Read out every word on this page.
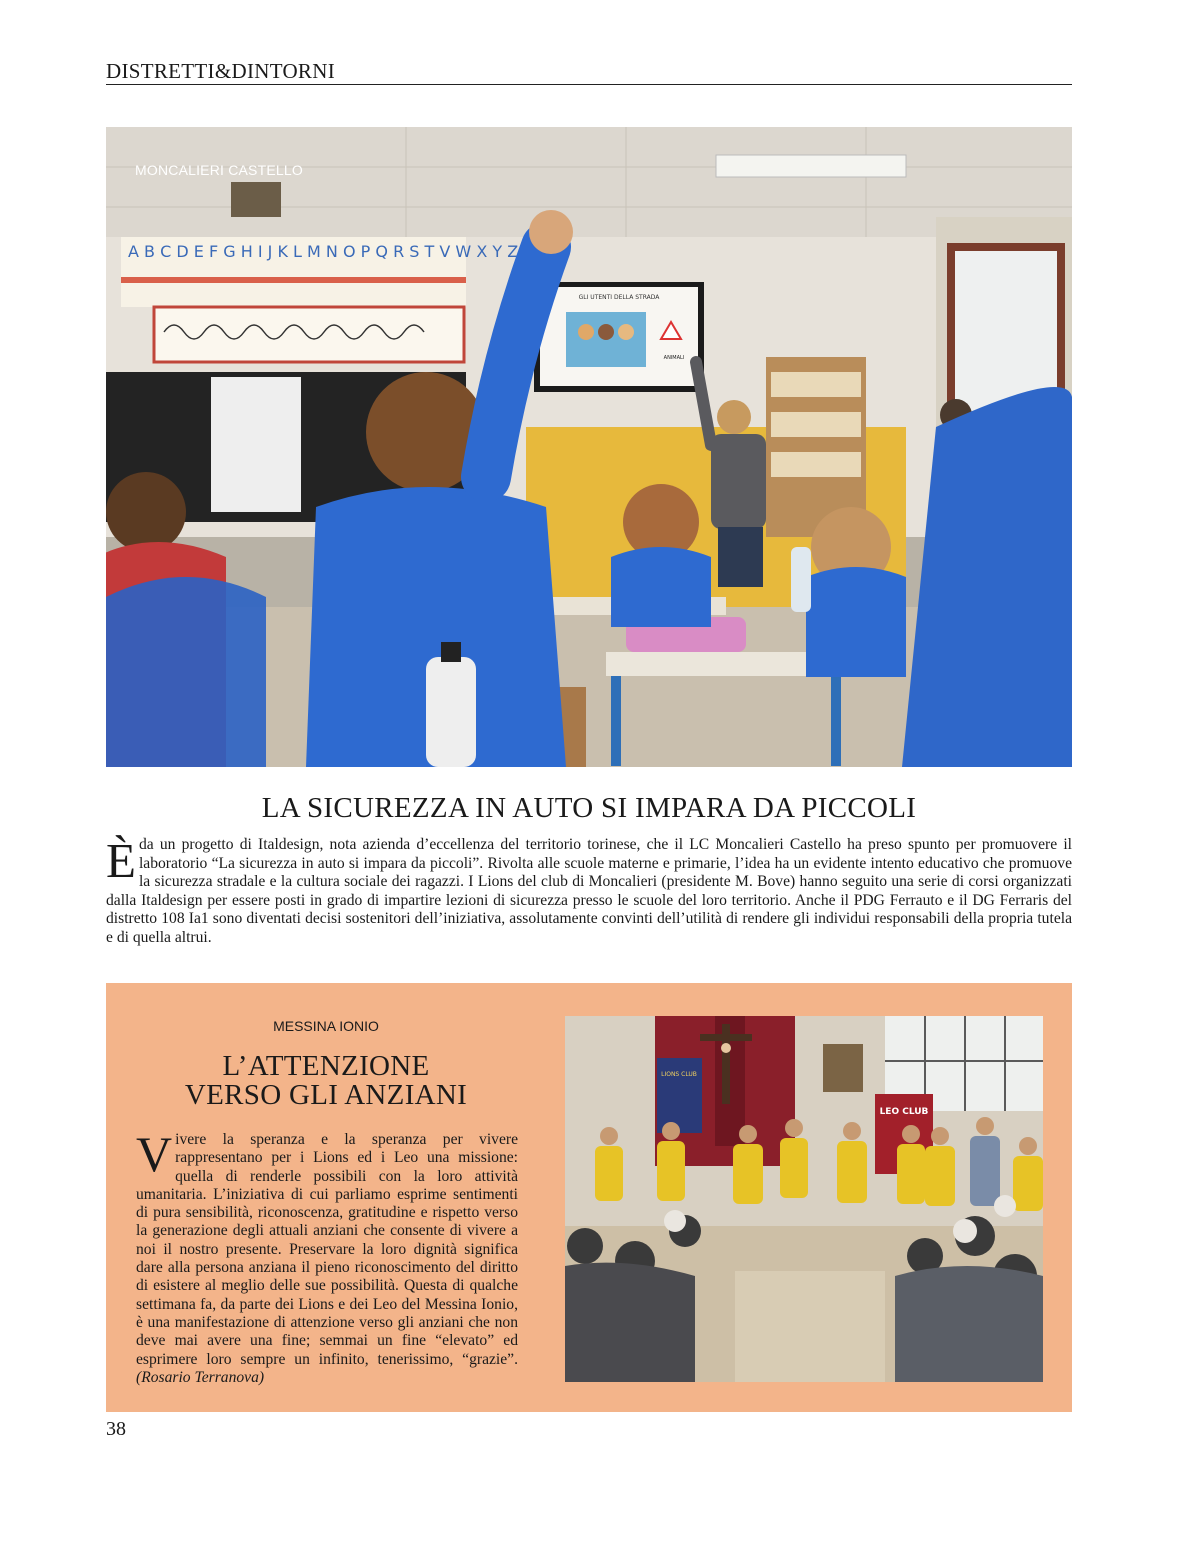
DISTRETTI&DINTORNI
A B C D E F G H I J K L M N O P Q R S T V W X Y Z
GLI UTENTI DELLA STRADA
ANIMALI
MONCALIERI CASTELLO
LA SICUREZZA IN AUTO SI IMPARA DA PICCOLI
Èda un progetto di Italdesign, nota azienda d’eccellenza del territorio torinese, che il LC Moncalieri Castello ha preso spunto per promuovere il laboratorio “La sicurezza in auto si impara da piccoli”. Rivolta alle scuole materne e primarie, l’idea ha un evidente intento educativo che promuove la sicurezza stradale e la cultura sociale dei ragazzi. I Lions del club di Moncalieri (presidente M. Bove) hanno seguito una serie di corsi organizzati dalla Italdesign per essere posti in grado di impartire lezioni di sicurezza presso le scuole del loro territorio. Anche il PDG Ferrauto e il DG Ferraris del distretto 108 Ia1 sono diventati decisi sostenitori dell’iniziativa, assolutamente convinti dell’utilità di rendere gli individui responsabili della propria tutela e di quella altrui.
MESSINA IONIO
L’ATTENZIONE
VERSO GLI ANZIANI
Vivere la speranza e la speranza per vivere rappresentano per i Lions ed i Leo una missione: quella di renderle possibili con la loro attività umanitaria. L’iniziativa di cui parliamo esprime sentimenti di pura sensibilità, riconoscenza, gratitudine e rispetto verso la generazione degli attuali anziani che consente di vivere a noi il nostro presente. Preservare la loro dignità significa dare alla persona anziana il pieno riconoscimento del diritto di esistere al meglio delle sue possibilità. Questa di qualche settimana fa, da parte dei Lions e dei Leo del Messina Ionio, è una manifestazione di attenzione verso gli anziani che non deve mai avere una fine; semmai un fine “elevato” ed esprimere loro sempre un infinito, tenerissimo, “grazie”. (Rosario Terranova)
LIONS CLUB
LEO CLUB
38
